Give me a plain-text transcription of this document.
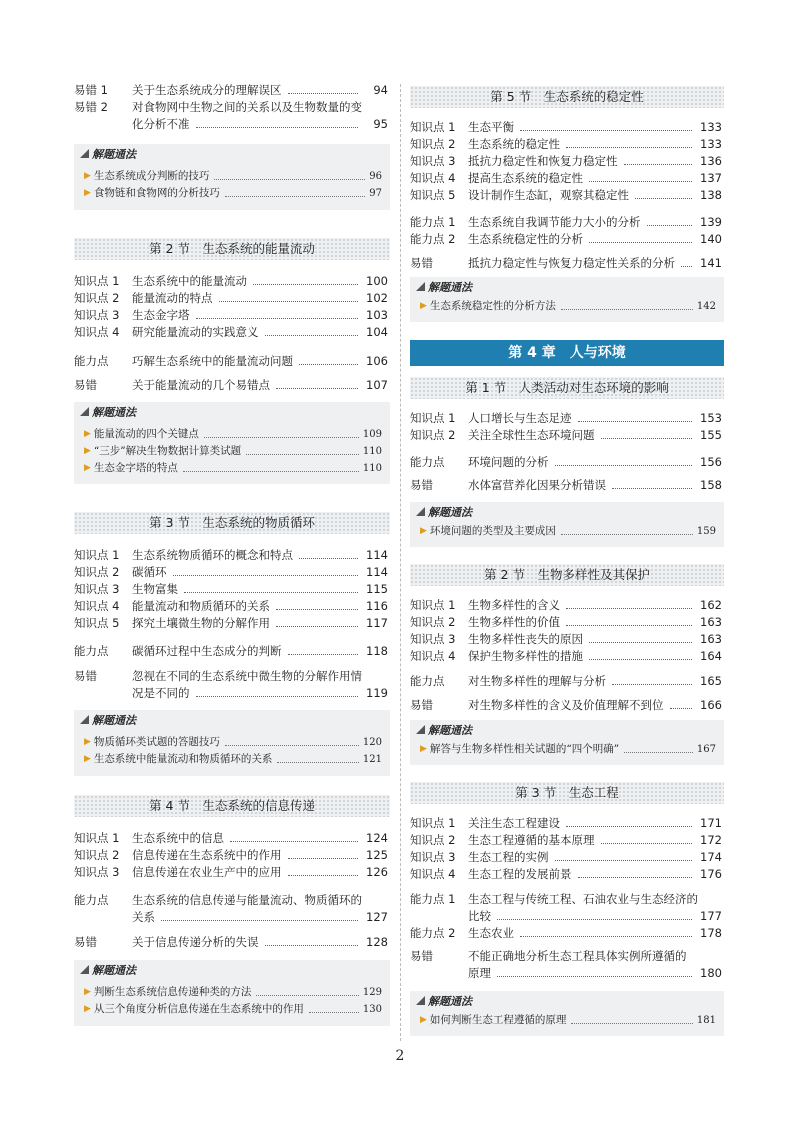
易错 1 关于生态系统成分的理解误区	94
易错 2 对食物网中生物之间的关系以及生物数量的变
化分析不准	95
解题通法
▶ 生态系统成分判断的技巧	96
▶ 食物链和食物网的分析技巧	97
第 2 节　生态系统的能量流动
知识点 1 生态系统中的能量流动	100
知识点 2 能量流动的特点	102
知识点 3 生态金字塔	103
知识点 4 研究能量流动的实践意义	104
能力点 巧解生态系统中的能量流动问题	106
易错	关于能量流动的几个易错点	107
解题通法
▶ 能量流动的四个关键点	109
▶ “三步”解决生物数据计算类试题	110
▶ 生态金字塔的特点	110
第 3 节　生态系统的物质循环
知识点 1 生态系统物质循环的概念和特点	114
知识点 2 碳循环	114
知识点 3 生物富集	115
知识点 4 能量流动和物质循环的关系	116
知识点 5 探究土壤微生物的分解作用	117
能力点 碳循环过程中生态成分的判断	118
易错	忽视在不同的生态系统中微生物的分解作用情
况是不同的	119
解题通法
▶ 物质循环类试题的答题技巧	120
▶ 生态系统中能量流动和物质循环的关系	121
第 4 节　生态系统的信息传递
知识点 1 生态系统中的信息	124
知识点 2 信息传递在生态系统中的作用	125
知识点 3 信息传递在农业生产中的应用	126
能力点 生态系统的信息传递与能量流动、物质循环的
关系	127
易错	关于信息传递分析的失误	128
解题通法
▶ 判断生态系统信息传递种类的方法	129
▶ 从三个角度分析信息传递在生态系统中的作用	130
第 5 节　生态系统的稳定性
知识点 1 生态平衡	133
知识点 2 生态系统的稳定性	133
知识点 3 抵抗力稳定性和恢复力稳定性	136
知识点 4 提高生态系统的稳定性	137
知识点 5 设计制作生态缸，观察其稳定性	138
能力点 1 生态系统自我调节能力大小的分析	139
能力点 2 生态系统稳定性的分析	140
易错	抵抗力稳定性与恢复力稳定性关系的分析 141
解题通法
▶ 生态系统稳定性的分析方法	142
第 4 章　人与环境
第 1 节　人类活动对生态环境的影响
知识点 1 人口增长与生态足迹	153
知识点 2 关注全球性生态环境问题	155
能力点 环境问题的分析	156
易错	水体富营养化因果分析错误	158
解题通法
▶ 环境问题的类型及主要成因	159
第 2 节　生物多样性及其保护
知识点 1 生物多样性的含义	162
知识点 2 生物多样性的价值	163
知识点 3 生物多样性丧失的原因	163
知识点 4 保护生物多样性的措施	164
能力点 对生物多样性的理解与分析	165
易错	对生物多样性的含义及价值理解不到位	166
解题通法
▶ 解答与生物多样性相关试题的“四个明确”	167
第 3 节　生态工程
知识点 1 关注生态工程建设	171
知识点 2 生态工程遵循的基本原理	172
知识点 3 生态工程的实例	174
知识点 4 生态工程的发展前景	176
能力点 1 生态工程与传统工程、石油农业与生态经济的
比较	177
能力点 2 生态农业	178
易错	不能正确地分析生态工程具体实例所遵循的
原理	180
解题通法
▶ 如何判断生态工程遵循的原理	181
2
